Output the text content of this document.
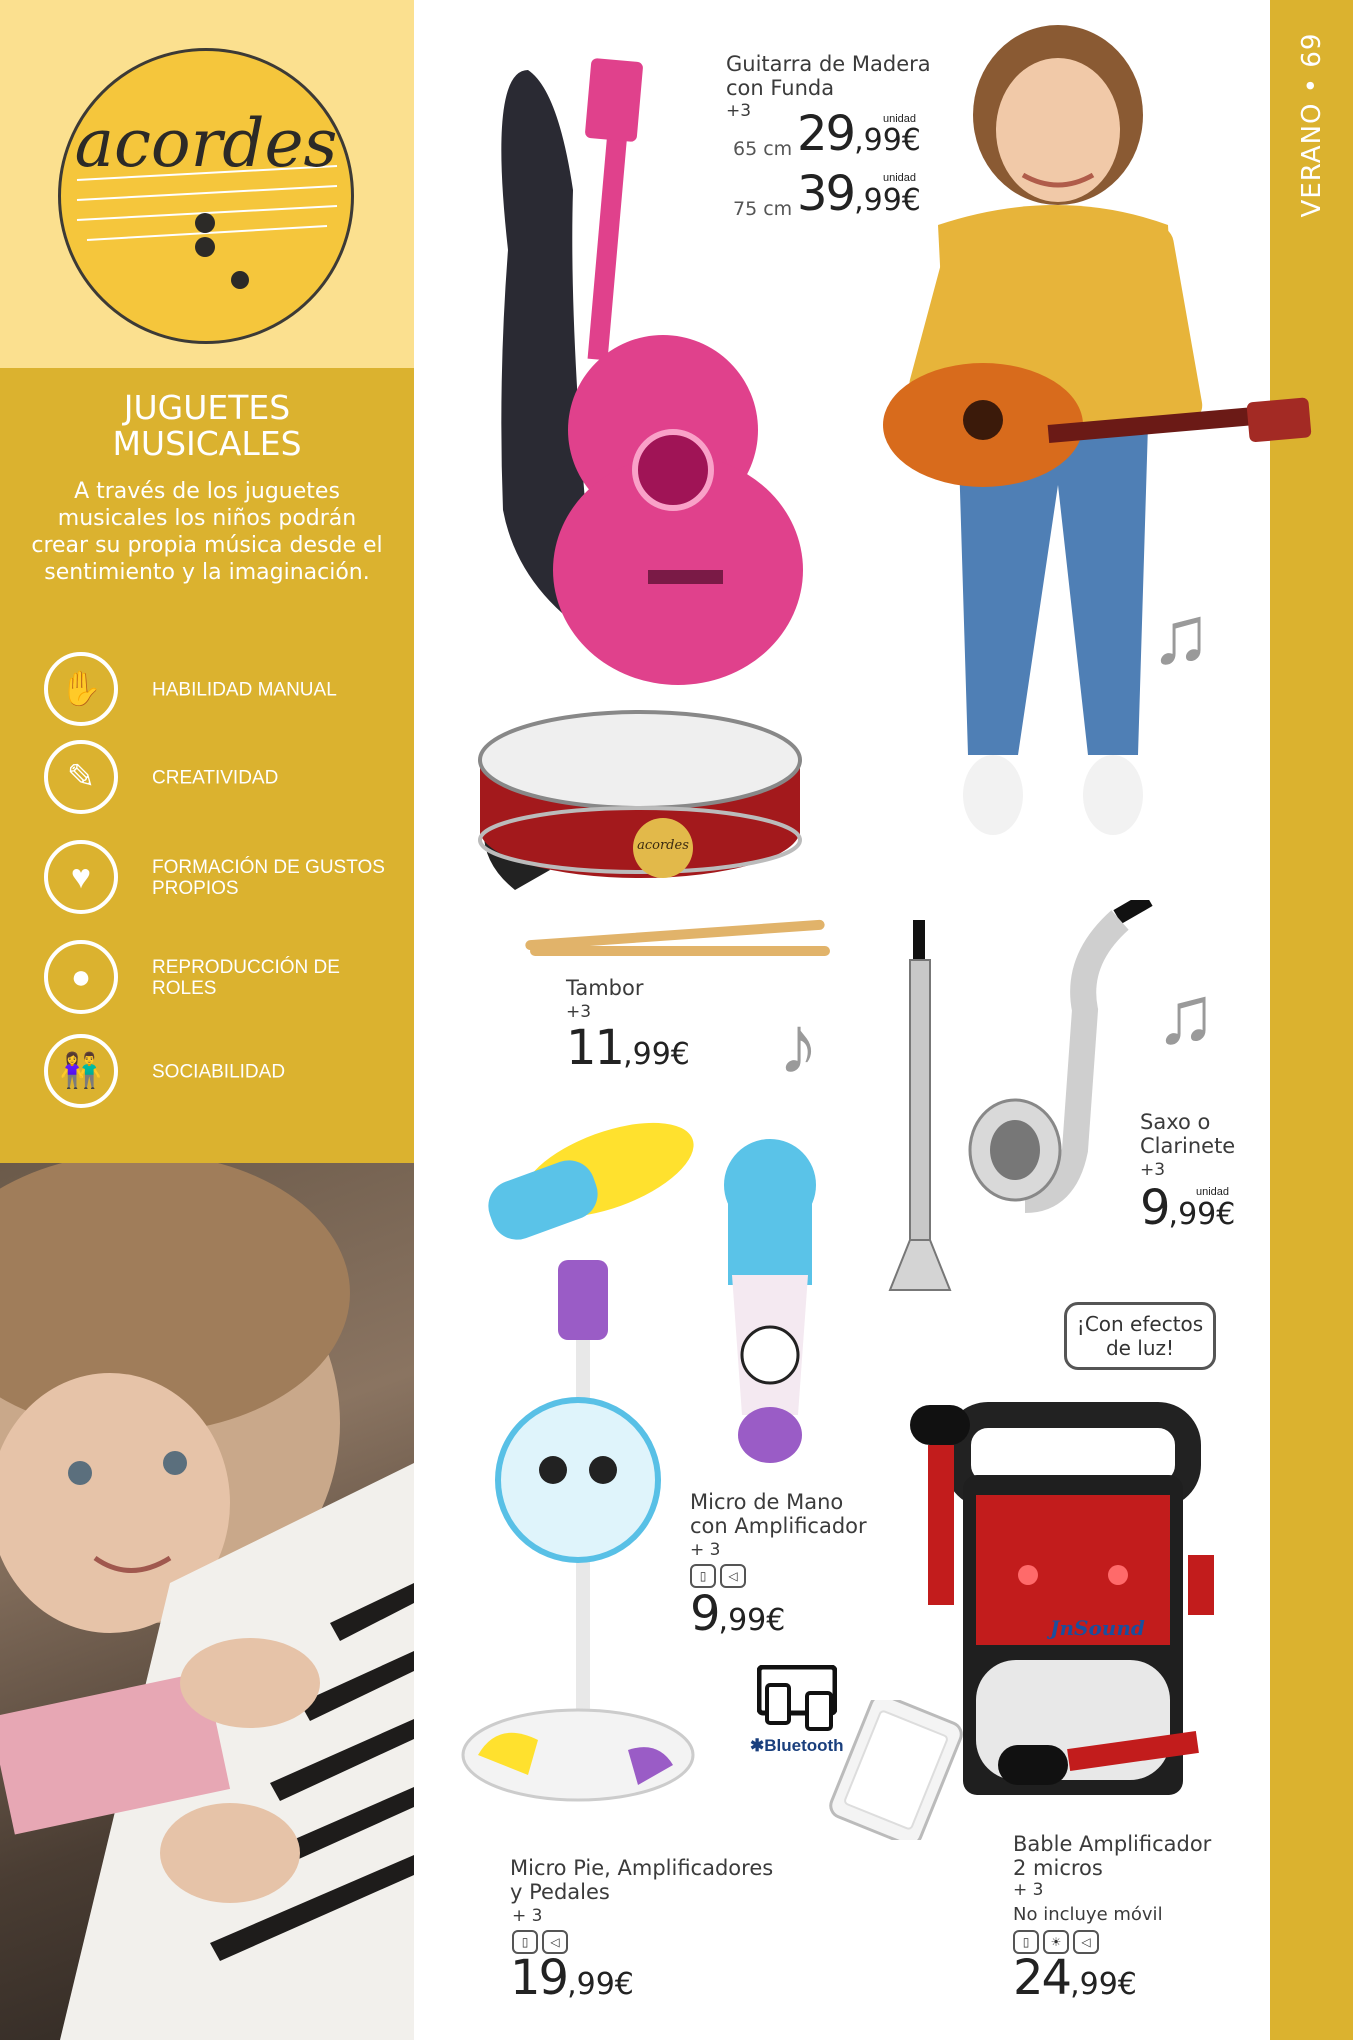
acordes
JUGUETES
MUSICALES
A través de los juguetes musicales los niños podrán crear su propia música desde el sentimiento y la imaginación.
✋	HABILIDAD MANUAL
✎	CREATIVIDAD
♥	FORMACIÓN DE GUSTOS PROPIOS
●	REPRODUCCIÓN DE ROLES
👫	SOCIABILIDAD
VERANO • 69
Guitarra de Madera
con Funda
+3
65 cm
unidad
29,99€
75 cm
unidad
39,99€
♫
Tambor
+3
11,99€ ♪	♫
Saxo o
Clarinete
+3
unidad
9,99€
Micro Pie, Amplificadores
y Pedales
+ 3
▯	◁
19,99€
Micro de Mano
con Amplificador
+ 3
▯	◁
9,99€
✱Bluetooth
¡Con efectos
de luz!
JnSound
Bable Amplificador
2 micros
+ 3
No incluye móvil
▯	☀	◁
24,99€
acordes
